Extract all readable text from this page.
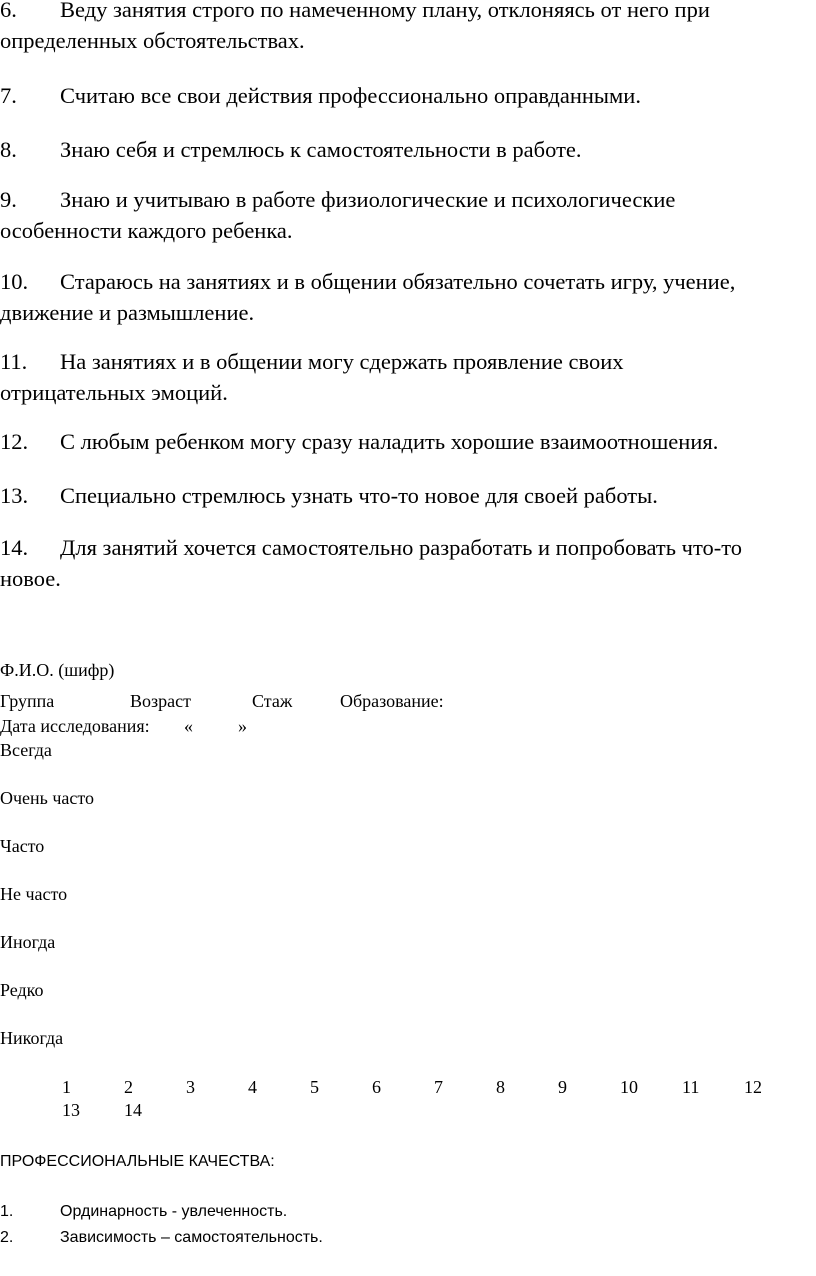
6. Веду занятия строго по намеченному плану, отклоняясь от него при
определенных обстоятельствах.
7. Считаю все свои действия профессионально оправданными.
8. Знаю себя и стремлюсь к самостоятельности в работе.
9. Знаю и учитываю в работе физиологические и психологические
особенности каждого ребенка.
10. Стараюсь на занятиях и в общении обязательно сочетать игру, учение,
движение и размышление.
11. На занятиях и в общении могу сдержать проявление своих
отрицательных эмоций.
12. С любым ребенком могу сразу наладить хорошие взаимоотношения.
13. Специально стремлюсь узнать что-то новое для своей работы.
14. Для занятий хочется самостоятельно разработать и попробовать что-то
новое.
Ф.И.О. (шифр)
Группа	Возраст	Стаж	Образование:
Дата исследования: «	»
Всегда
Очень часто
Часто
Не часто
Иногда
Редко
Никогда
1	2	3	4	5	6	7	8	9	10 11 12
13 14
ПРОФЕССИОНАЛЬНЫЕ КАЧЕСТВА:
1.	Ординарность - увлеченность.
2.	Зависимость – самостоятельность.
